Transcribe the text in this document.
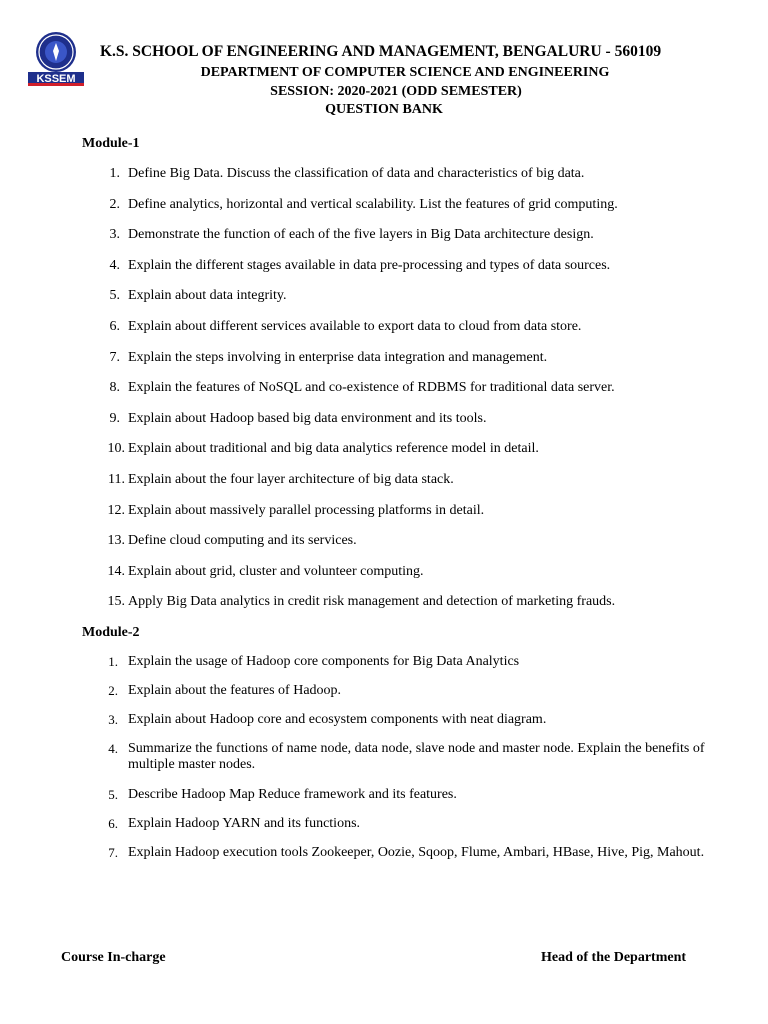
KSSEM
K.S. SCHOOL OF ENGINEERING AND MANAGEMENT, BENGALURU - 560109
DEPARTMENT OF COMPUTER SCIENCE AND ENGINEERING
SESSION: 2020-2021 (ODD SEMESTER)
QUESTION BANK
Module-1
1. Define Big Data. Discuss the classification of data and characteristics of big data.
2. Define analytics, horizontal and vertical scalability. List the features of grid computing.
3. Demonstrate the function of each of the five layers in Big Data architecture design.
4. Explain the different stages available in data pre-processing and types of data sources.
5. Explain about data integrity.
6. Explain about different services available to export data to cloud from data store.
7. Explain the steps involving in enterprise data integration and management.
8. Explain the features of NoSQL and co-existence of RDBMS for traditional data server.
9. Explain about Hadoop based big data environment and its tools.
10. Explain about traditional and big data analytics reference model in detail.
11. Explain about the four layer architecture of big data stack.
12. Explain about massively parallel processing platforms in detail.
13. Define cloud computing and its services.
14. Explain about grid, cluster and volunteer computing.
15. Apply Big Data analytics in credit risk management and detection of marketing frauds.
Module-2
1. Explain the usage of Hadoop core components for Big Data Analytics
2. Explain about the features of Hadoop.
3. Explain about Hadoop core and ecosystem components with neat diagram.
4. Summarize the functions of name node, data node, slave node and master node. Explain the benefits of multiple master nodes.
5. Describe Hadoop Map Reduce framework and its features.
6. Explain Hadoop YARN and its functions.
7. Explain Hadoop execution tools Zookeeper, Oozie, Sqoop, Flume, Ambari, HBase, Hive, Pig, Mahout.
Course In-charge	Head of the Department
